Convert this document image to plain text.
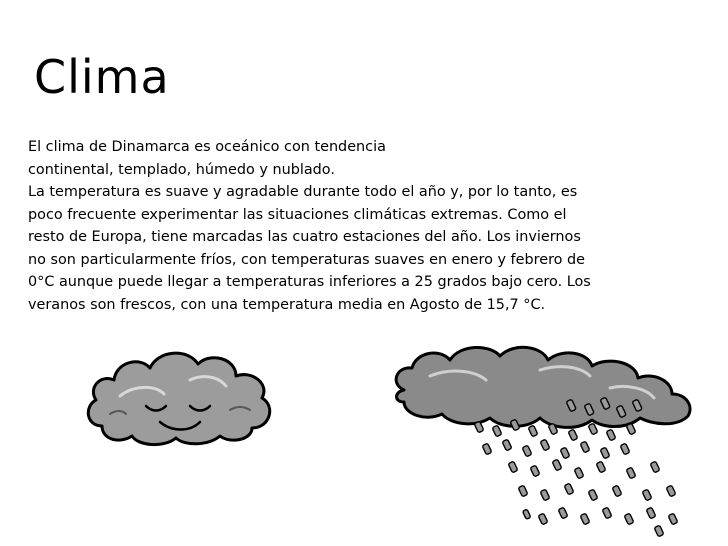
Clima
El clima de Dinamarca es oceánico con tendencia
continental, templado, húmedo y nublado.
La temperatura es suave y agradable durante todo el año y, por lo tanto, es
poco frecuente experimentar las situaciones climáticas extremas. Como el
resto de Europa, tiene marcadas las cuatro estaciones del año. Los inviernos
no son particularmente fríos, con temperaturas suaves en enero y febrero de
0°C aunque puede llegar a temperaturas inferiores a 25 grados bajo cero. Los
veranos son frescos, con una temperatura media en Agosto de 15,7 °C.
